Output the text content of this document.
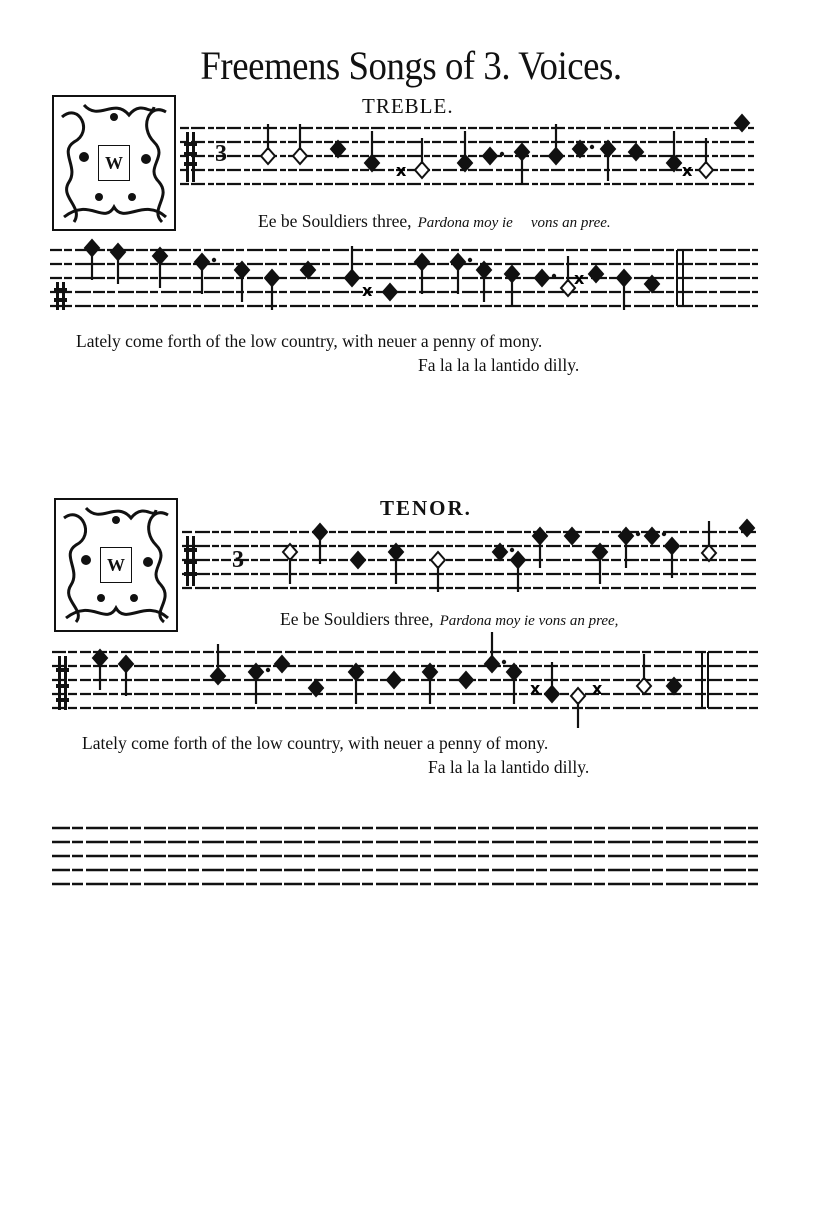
Freemens Songs of 3. Voices.
TREBLE.
W	x	x
3
Ee be Souldiers three, Pardona moy ie vons an pree.
x
x
Lately come forth of the low country, with neuer a penny of mony.
Fa la la la lantido dilly.
TENOR.
W	3
Ee be Souldiers three, Pardona moy ie vons an pree,
x	x
Lately come forth of the low country, with neuer a penny of mony.
Fa la la la lantido dilly.
